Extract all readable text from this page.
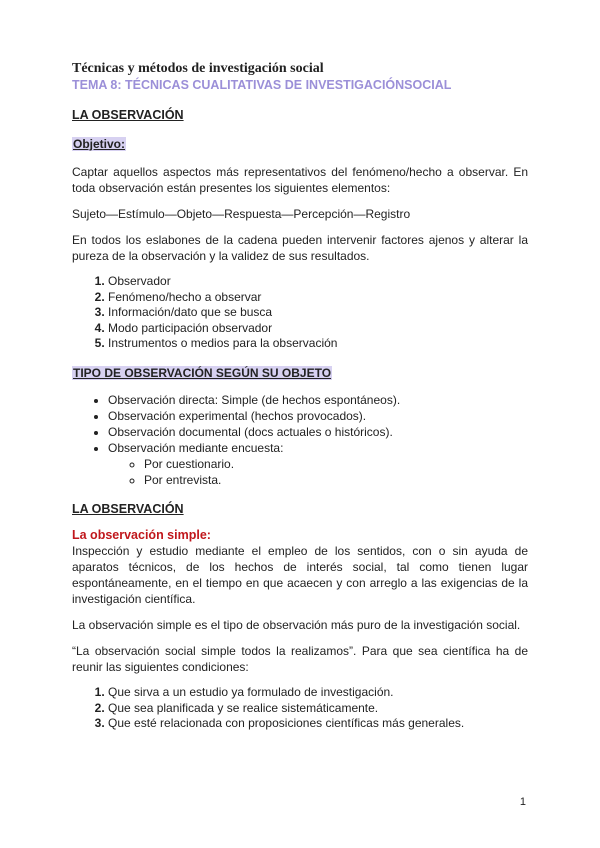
Técnicas y métodos de investigación social

TEMA 8: TÉCNICAS CUALITATIVAS DE INVESTIGACIÓNSOCIAL

LA OBSERVACIÓN

Objetivo:

Captar aquellos aspectos más representativos del fenómeno/hecho a observar. En toda observación están presentes los siguientes elementos:

Sujeto—Estímulo—Objeto—Respuesta—Percepción—Registro

En todos los eslabones de la cadena pueden intervenir factores ajenos y alterar la pureza de la observación y la validez de sus resultados.

1. Observador
2. Fenómeno/hecho a observar
3. Información/dato que se busca
4. Modo participación observador
5. Instrumentos o medios para la observación
TIPO DE OBSERVACIÓN SEGÚN SU OBJETO
• Observación directa: Simple (de hechos espontáneos).
• Observación experimental (hechos provocados).
• Observación documental (docs actuales o históricos).
• Observación mediante encuesta:
◦ Por cuestionario.
◦ Por entrevista.

LA OBSERVACIÓN

La observación simple:

Inspección y estudio mediante el empleo de los sentidos, con o sin ayuda de aparatos técnicos, de los hechos de interés social, tal como tienen lugar espontáneamente, en el tiempo en que acaecen y con arreglo a las exigencias de la investigación científica.

La observación simple es el tipo de observación más puro de la investigación social.

“La observación social simple todos la realizamos”. Para que sea científica ha de reunir las siguientes condiciones:

1. Que sirva a un estudio ya formulado de investigación.
2. Que sea planificada y se realice sistemáticamente.
3. Que esté relacionada con proposiciones científicas más generales.
1
